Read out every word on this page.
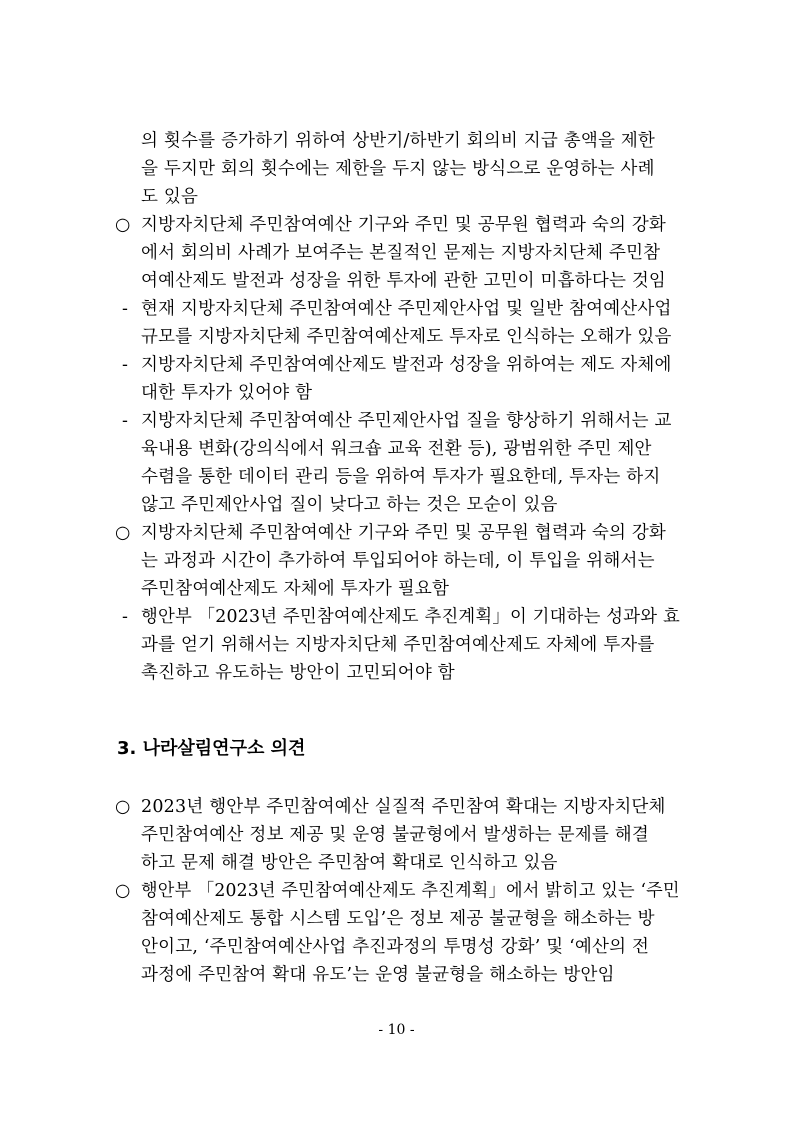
의 횟수를 증가하기 위하여 상반기/하반기 회의비 지급 총액을 제한
을 두지만 회의 횟수에는 제한을 두지 않는 방식으로 운영하는 사례
도 있음
○ 지방자치단체 주민참여예산 기구와 주민 및 공무원 협력과 숙의 강화
에서 회의비 사례가 보여주는 본질적인 문제는 지방자치단체 주민참
여예산제도 발전과 성장을 위한 투자에 관한 고민이 미흡하다는 것임
- 현재 지방자치단체 주민참여예산 주민제안사업 및 일반 참여예산사업
규모를 지방자치단체 주민참여예산제도 투자로 인식하는 오해가 있음
- 지방자치단체 주민참여예산제도 발전과 성장을 위하여는 제도 자체에
대한 투자가 있어야 함
- 지방자치단체 주민참여예산 주민제안사업 질을 향상하기 위해서는 교
육내용 변화(강의식에서 워크숍 교육 전환 등), 광범위한 주민 제안
수렴을 통한 데이터 관리 등을 위하여 투자가 필요한데, 투자는 하지
않고 주민제안사업 질이 낮다고 하는 것은 모순이 있음
○ 지방자치단체 주민참여예산 기구와 주민 및 공무원 협력과 숙의 강화
는 과정과 시간이 추가하여 투입되어야 하는데, 이 투입을 위해서는
주민참여예산제도 자체에 투자가 필요함
- 행안부 「2023년 주민참여예산제도 추진계획」이 기대하는 성과와 효
과를 얻기 위해서는 지방자치단체 주민참여예산제도 자체에 투자를
촉진하고 유도하는 방안이 고민되어야 함
3. 나라살림연구소 의견
○ 2023년 행안부 주민참여예산 실질적 주민참여 확대는 지방자치단체
주민참여예산 정보 제공 및 운영 불균형에서 발생하는 문제를 해결
하고 문제 해결 방안은 주민참여 확대로 인식하고 있음
○ 행안부 「2023년 주민참여예산제도 추진계획」에서 밝히고 있는 ‘주민
참여예산제도 통합 시스템 도입’은 정보 제공 불균형을 해소하는 방
안이고, ‘주민참여예산사업 추진과정의 투명성 강화’ 및 ‘예산의 전
과정에 주민참여 확대 유도’는 운영 불균형을 해소하는 방안임
- 10 -
